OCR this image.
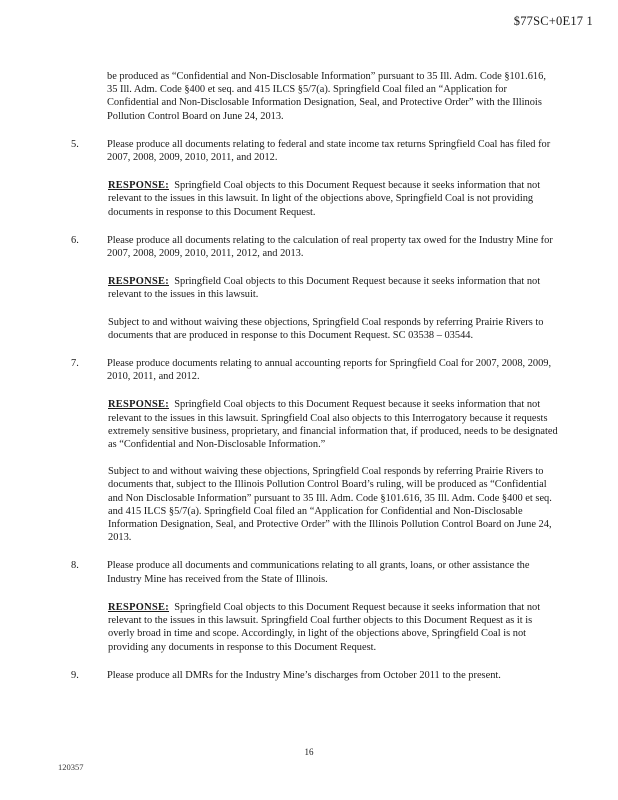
$77SC+0E17 1

be produced as “Confidential and Non-Disclosable Information” pursuant to 35 Ill. Adm. Code §101.616, 35 Ill. Adm. Code §400 et seq. and 415 ILCS §5/7(a). Springfield Coal filed an “Application for Confidential and Non-Disclosable Information Designation, Seal, and Protective Order” with the Illinois Pollution Control Board on June 24, 2013.

5.	Please produce all documents relating to federal and state income tax returns Springfield Coal has filed for 2007, 2008, 2009, 2010, 2011, and 2012.

RESPONSE: Springfield Coal objects to this Document Request because it seeks information that not relevant to the issues in this lawsuit. In light of the objections above, Springfield Coal is not providing documents in response to this Document Request.

6.	Please produce all documents relating to the calculation of real property tax owed for the Industry Mine for 2007, 2008, 2009, 2010, 2011, 2012, and 2013.

RESPONSE: Springfield Coal objects to this Document Request because it seeks information that not relevant to the issues in this lawsuit.

Subject to and without waiving these objections, Springfield Coal responds by referring Prairie Rivers to documents that are produced in response to this Document Request. SC 03538 – 03544.

7.	Please produce documents relating to annual accounting reports for Springfield Coal for 2007, 2008, 2009, 2010, 2011, and 2012.

RESPONSE: Springfield Coal objects to this Document Request because it seeks information that not relevant to the issues in this lawsuit. Springfield Coal also objects to this Interrogatory because it requests extremely sensitive business, proprietary, and financial information that, if produced, needs to be designated as “Confidential and Non-Disclosable Information.”

Subject to and without waiving these objections, Springfield Coal responds by referring Prairie Rivers to documents that, subject to the Illinois Pollution Control Board’s ruling, will be produced as “Confidential and Non Disclosable Information” pursuant to 35 Ill. Adm. Code §101.616, 35 Ill. Adm. Code §400 et seq. and 415 ILCS §5/7(a). Springfield Coal filed an “Application for Confidential and Non-Disclosable Information Designation, Seal, and Protective Order” with the Illinois Pollution Control Board on June 24, 2013.

8.	Please produce all documents and communications relating to all grants, loans, or other assistance the Industry Mine has received from the State of Illinois.

RESPONSE: Springfield Coal objects to this Document Request because it seeks information that not relevant to the issues in this lawsuit. Springfield Coal further objects to this Document Request as it is overly broad in time and scope. Accordingly, in light of the objections above, Springfield Coal is not providing any documents in response to this Document Request.

9.	Please produce all DMRs for the Industry Mine’s discharges from October 2011 to the present.

16
120357
